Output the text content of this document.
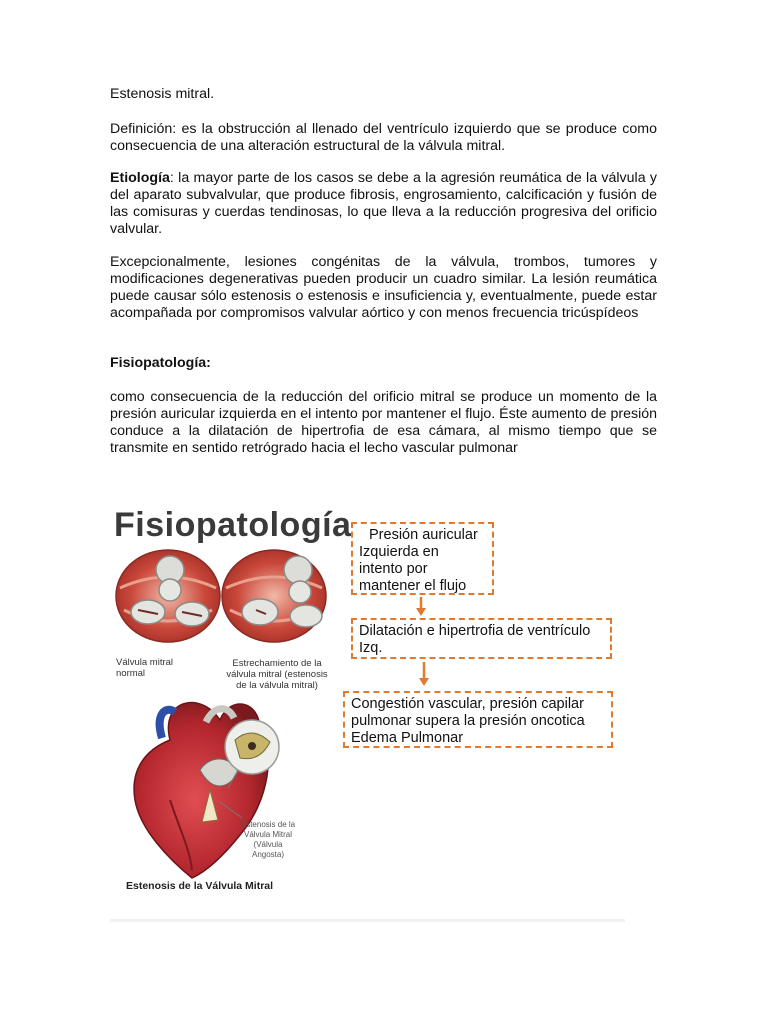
Estenosis mitral.

Definición: es la obstrucción al llenado del ventrículo izquierdo que se produce como consecuencia de una alteración estructural de la válvula mitral.

Etiología: la mayor parte de los casos se debe a la agresión reumática de la válvula y del aparato subvalvular, que produce fibrosis, engrosamiento, calcificación y fusión de las comisuras y cuerdas tendinosas, lo que lleva a la reducción progresiva del orificio valvular.

Excepcionalmente, lesiones congénitas de la válvula, trombos, tumores y modificaciones degenerativas pueden producir un cuadro similar. La lesión reumática puede causar sólo estenosis o estenosis e insuficiencia y, eventualmente, puede estar acompañada por compromisos valvular aórtico y con menos frecuencia tricúspídeos

Fisiopatología:

como consecuencia de la reducción del orificio mitral se produce un momento de la presión auricular izquierda en el intento por mantener el flujo. Éste aumento de presión conduce a la dilatación de hipertrofia de esa cámara, al mismo tiempo que se transmite en sentido retrógrado hacia el lecho vascular pulmonar

Fisiopatología	Presión auricular Izquierda en intento por mantener el flujo
Dilatación e hipertrofia de ventrículo Izq.
Congestión vascular, presión capilar pulmonar supera la presión oncotica Edema Pulmonar
Válvula mitral normal
Estrechamiento de la válvula mitral (estenosis de la válvula mitral)
Estenosis de la Válvula Mitral (Válvula Angosta)
Estenosis de la Válvula Mitral
